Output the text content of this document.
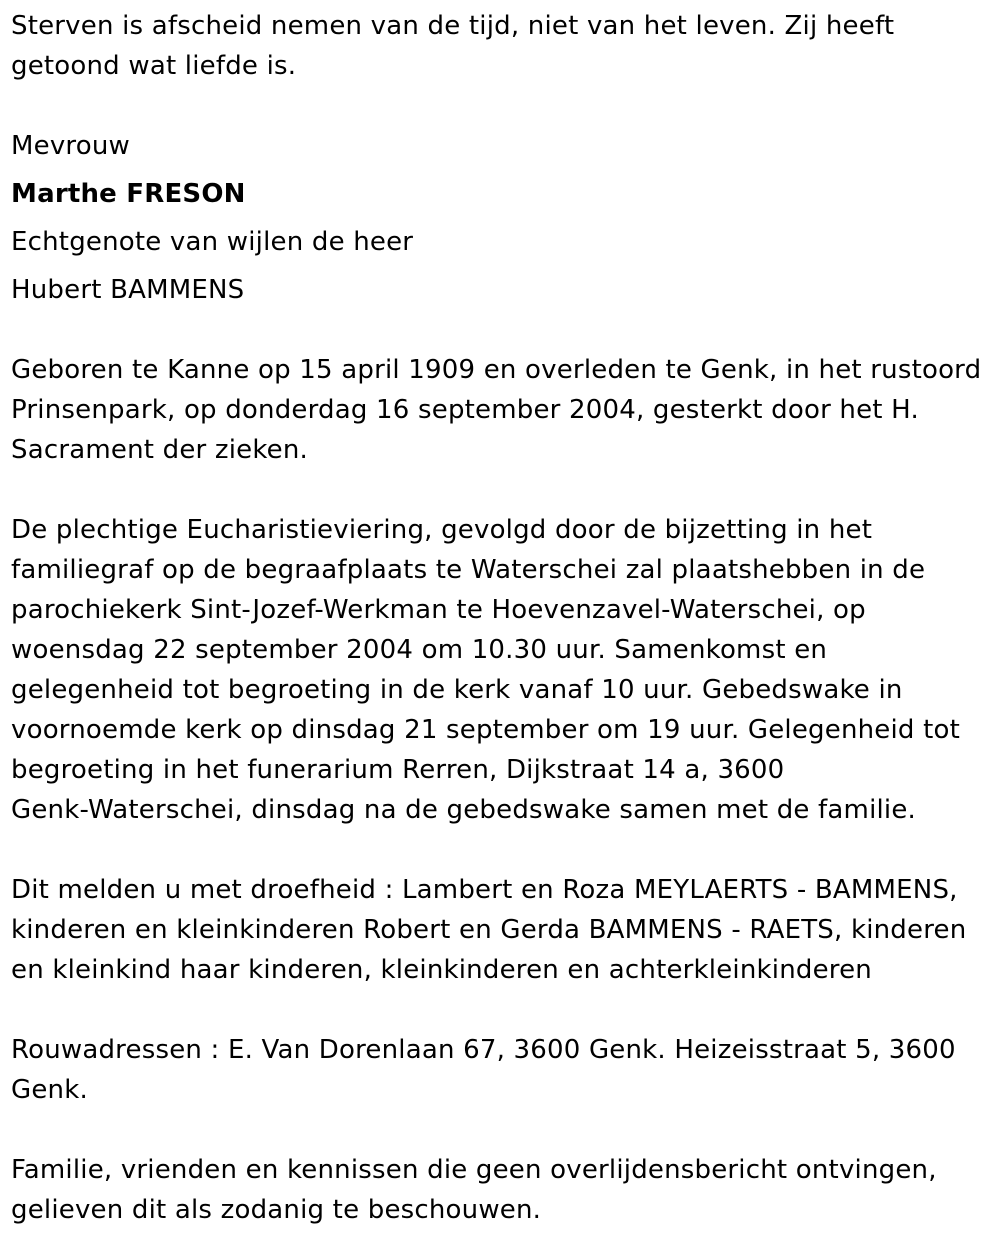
Sterven is afscheid nemen van de tijd, niet van het leven. Zij heeft
getoond wat liefde is.

Mevrouw

Marthe FRESON

Echtgenote van wijlen de heer

Hubert BAMMENS

Geboren te Kanne op 15 april 1909 en overleden te Genk, in het rustoord
Prinsenpark, op donderdag 16 september 2004, gesterkt door het H.
Sacrament der zieken.

De plechtige Eucharistieviering, gevolgd door de bijzetting in het
familiegraf op de begraafplaats te Waterschei zal plaatshebben in de
parochiekerk Sint-Jozef-Werkman te Hoevenzavel-Waterschei, op
woensdag 22 september 2004 om 10.30 uur. Samenkomst en
gelegenheid tot begroeting in de kerk vanaf 10 uur. Gebedswake in
voornoemde kerk op dinsdag 21 september om 19 uur. Gelegenheid tot
begroeting in het funerarium Rerren, Dijkstraat 14 a, 3600
Genk-Waterschei, dinsdag na de gebedswake samen met de familie.

Dit melden u met droefheid : Lambert en Roza MEYLAERTS - BAMMENS,
kinderen en kleinkinderen Robert en Gerda BAMMENS - RAETS, kinderen
en kleinkind haar kinderen, kleinkinderen en achterkleinkinderen

Rouwadressen : E. Van Dorenlaan 67, 3600 Genk. Heizeisstraat 5, 3600
Genk.

Familie, vrienden en kennissen die geen overlijdensbericht ontvingen,
gelieven dit als zodanig te beschouwen.
